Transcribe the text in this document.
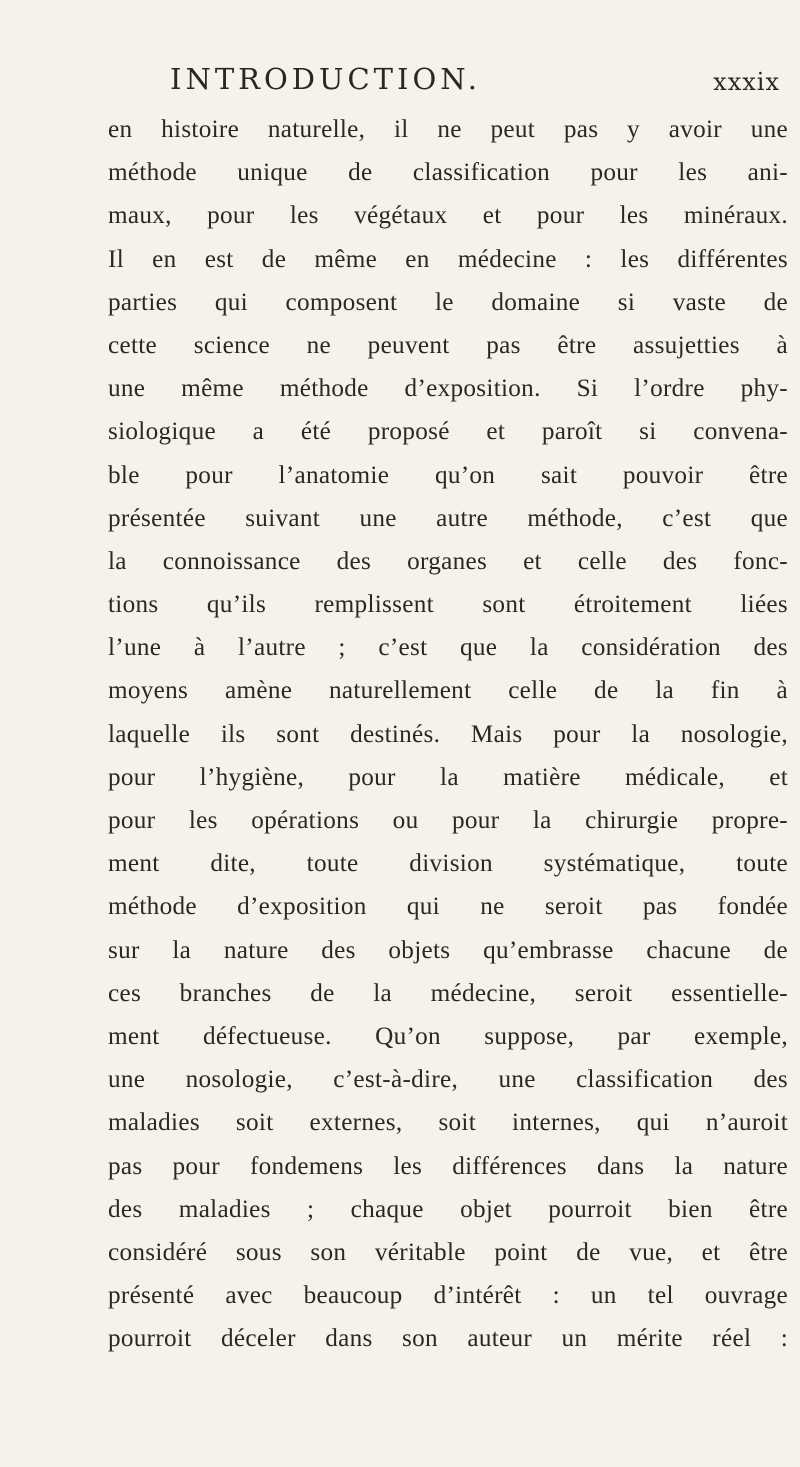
INTRODUCTION.	xxxix
en histoire naturelle, il ne peut pas y avoir une
méthode unique de classification pour les ani-
maux, pour les végétaux et pour les minéraux.
Il en est de même en médecine : les différentes
parties qui composent le domaine si vaste de
cette science ne peuvent pas être assujetties à
une même méthode d’exposition. Si l’ordre phy-
siologique a été proposé et paroît si convena-
ble pour l’anatomie qu’on sait pouvoir être
présentée suivant une autre méthode, c’est que
la connoissance des organes et celle des fonc-
tions qu’ils remplissent sont étroitement liées
l’une à l’autre ; c’est que la considération des
moyens amène naturellement celle de la fin à
laquelle ils sont destinés. Mais pour la nosologie,
pour l’hygiène, pour la matière médicale, et
pour les opérations ou pour la chirurgie propre-
ment dite, toute division systématique, toute
méthode d’exposition qui ne seroit pas fondée
sur la nature des objets qu’embrasse chacune de
ces branches de la médecine, seroit essentielle-
ment défectueuse. Qu’on suppose, par exemple,
une nosologie, c’est-à-dire, une classification des
maladies soit externes, soit internes, qui n’auroit
pas pour fondemens les différences dans la nature
des maladies ; chaque objet pourroit bien être
considéré sous son véritable point de vue, et être
présenté avec beaucoup d’intérêt : un tel ouvrage
pourroit déceler dans son auteur un mérite réel :
